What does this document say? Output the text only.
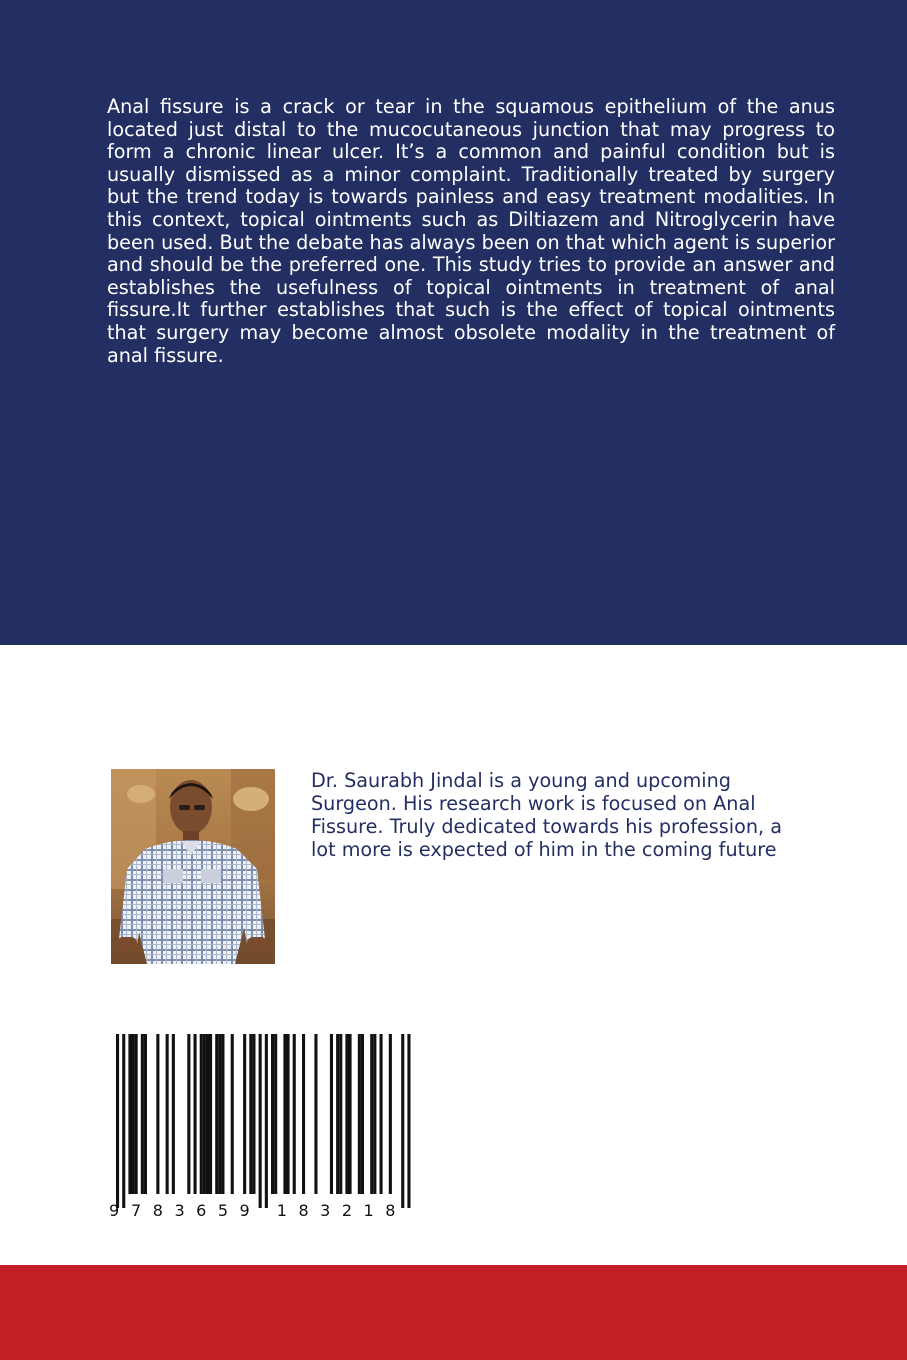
Anal fissure is a crack or tear in the squamous epithelium of the anus located just distal to the mucocutaneous junction that may progress to form a chronic linear ulcer. It’s a common and painful condition but is usually dismissed as a minor complaint. Traditionally treated by surgery but the trend today is towards painless and easy treatment modalities. In this context, topical ointments such as Diltiazem and Nitroglycerin have been used. But the debate has always been on that which agent is superior and should be the preferred one. This study tries to provide an answer and establishes the usefulness of topical ointments in treatment of anal fissure.It further establishes that such is the effect of topical ointments that surgery may become almost obsolete modality in the treatment of anal fissure.

Dr. Saurabh Jindal is a young and upcoming Surgeon. His research work is focused on Anal Fissure. Truly dedicated towards his profession, a lot more is expected of him in the coming future

9 7 8 3 6 5 9 1 8 3 2 1 8
